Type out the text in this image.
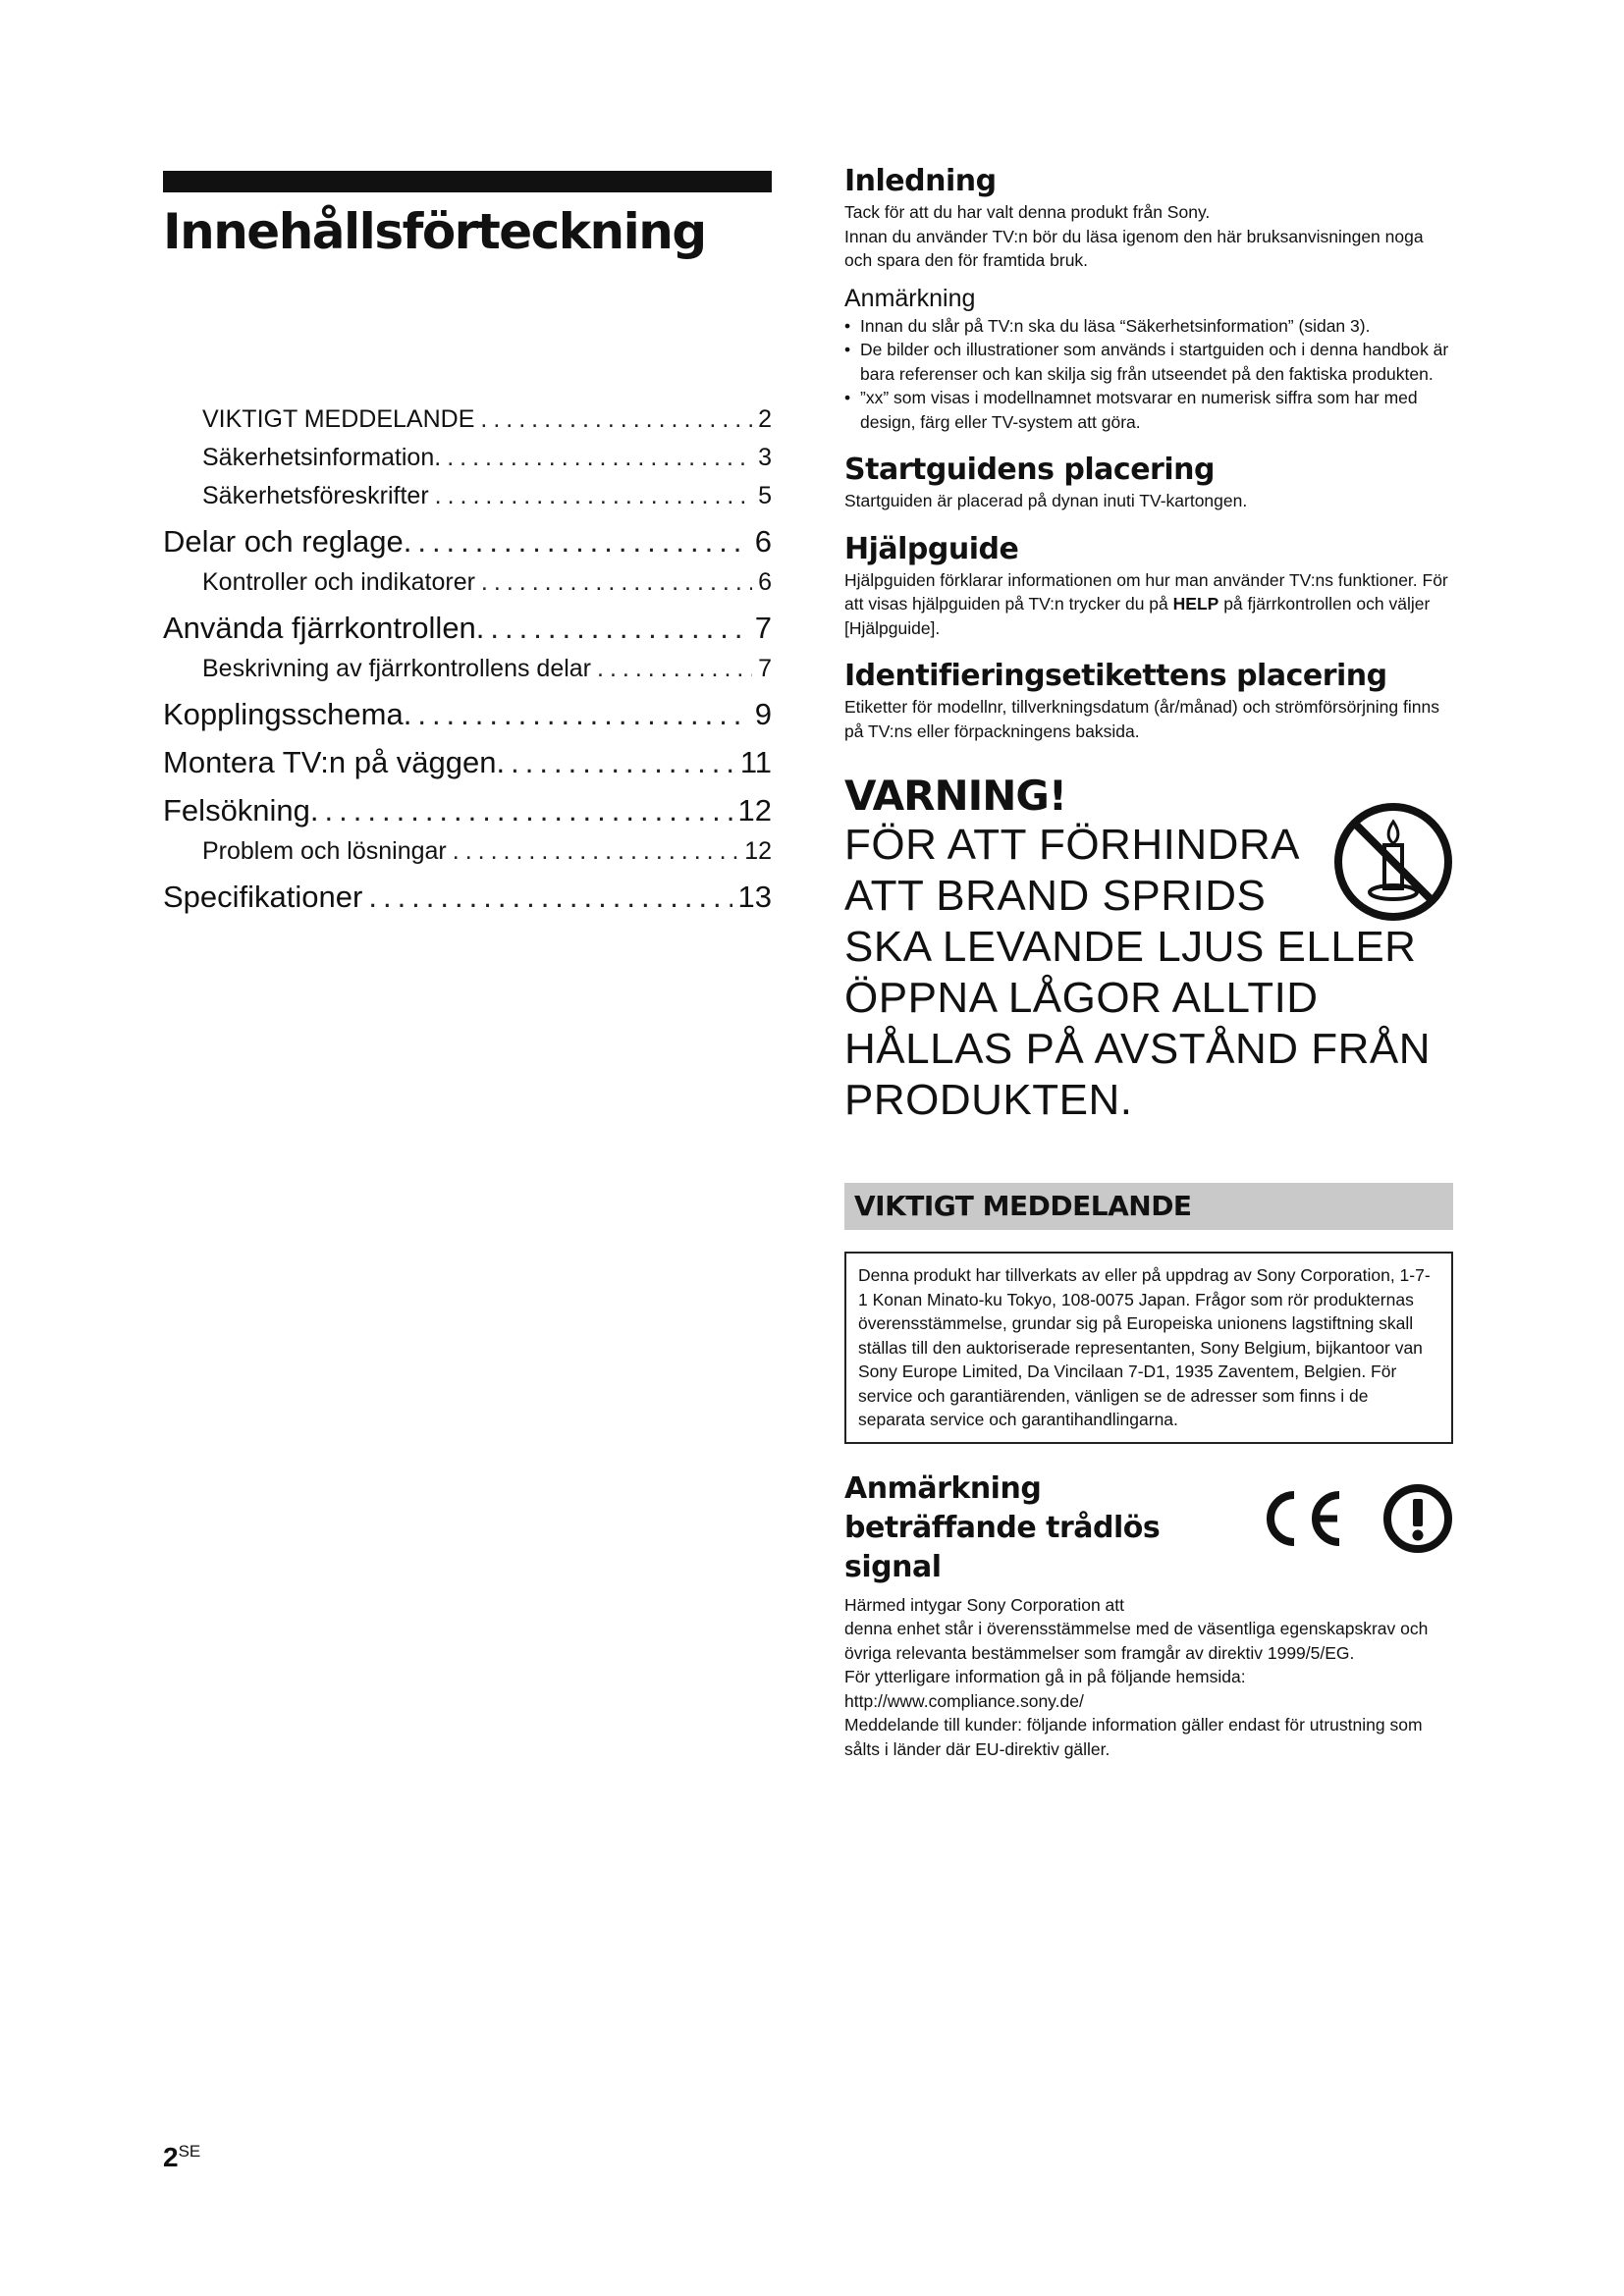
Innehållsförteckning
VIKTIGT MEDDELANDE .....	2
Säkerhetsinformation. .....	3
Säkerhetsföreskrifter .....	5
Delar och reglage. .....	6
Kontroller och indikatorer .....	6
Använda fjärrkontrollen. .....	7
Beskrivning av fjärrkontrollens delar .....	7
Kopplingsschema. .....	9
Montera TV:n på väggen. .....	11
Felsökning. .....	12
Problem och lösningar .....	12
Specifikationer .....	13
Inledning

Tack för att du har valt denna produkt från Sony.

Innan du använder TV:n bör du läsa igenom den här bruksanvisningen noga och spara den för framtida bruk.

Anmärkning
• Innan du slår på TV:n ska du läsa “Säkerhetsinformation” (sidan 3).
• De bilder och illustrationer som används i startguiden och i denna handbok är bara referenser och kan skilja sig från utseendet på den faktiska produkten.
• ”xx” som visas i modellnamnet motsvarar en numerisk siffra som har med design, färg eller TV-system att göra.
Startguidens placering

Startguiden är placerad på dynan inuti TV-kartongen.

Hjälpguide

Hjälpguiden förklarar informationen om hur man använder TV:ns funktioner. För att visas hjälpguiden på TV:n trycker du på HELP på fjärrkontrollen och väljer [Hjälpguide].

Identifieringsetikettens placering

Etiketter för modellnr, tillverkningsdatum (år/månad) och strömförsörjning finns på TV:ns eller förpackningens baksida.

VARNING!
FÖR ATT FÖRHINDRA
ATT BRAND SPRIDS
SKA LEVANDE LJUS ELLER
ÖPPNA LÅGOR ALLTID
HÅLLAS PÅ AVSTÅND FRÅN
PRODUKTEN.
VIKTIGT MEDDELANDE
Denna produkt har tillverkats av eller på uppdrag av Sony Corporation, 1-7-1 Konan Minato-ku Tokyo, 108-0075 Japan. Frågor som rör produkternas överensstämmelse, grundar sig på Europeiska unionens lagstiftning skall ställas till den auktoriserade representanten, Sony Belgium, bijkantoor van Sony Europe Limited, Da Vincilaan 7-D1, 1935 Zaventem, Belgien. För service och garantiärenden, vänligen se de adresser som finns i de separata service och garantihandlingarna.
Anmärkning beträffande trådlös signal

Härmed intygar Sony Corporation att

denna enhet står i överensstämmelse med de väsentliga egenskapskrav och övriga relevanta bestämmelser som framgår av direktiv 1999/5/EG.

För ytterligare information gå in på följande hemsida:

http://www.compliance.sony.de/

Meddelande till kunder: följande information gäller endast för utrustning som sålts i länder där EU-direktiv gäller.

$2^{SE}$
